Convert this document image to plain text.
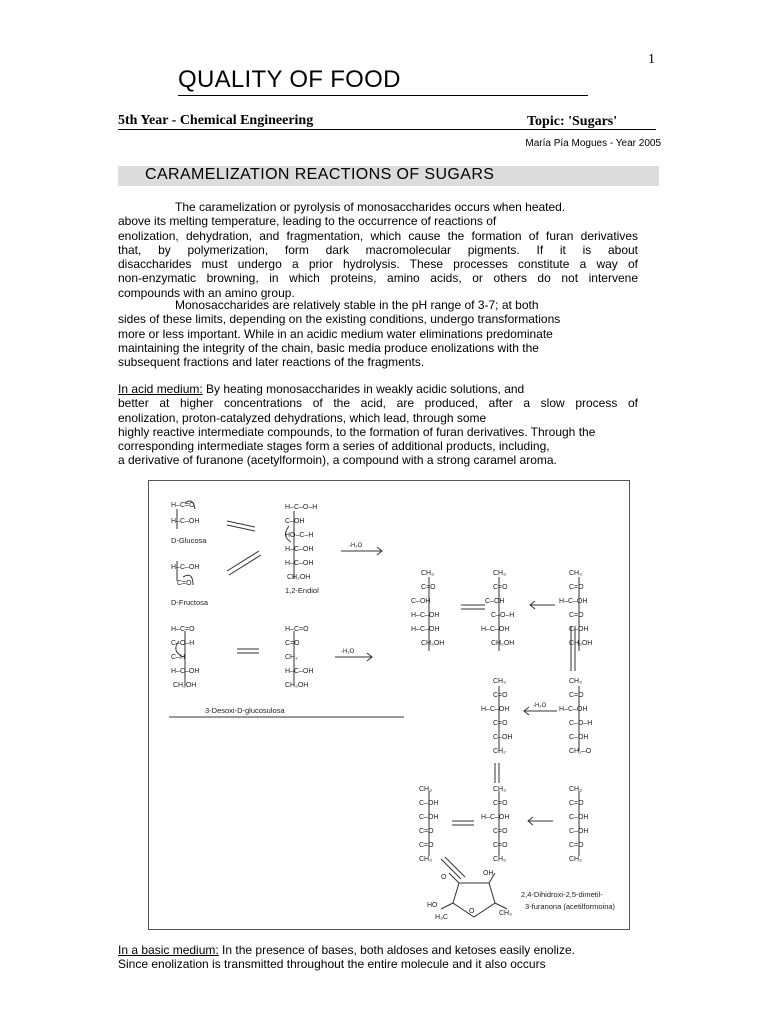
1
QUALITY OF FOOD
5th Year - Chemical Engineering	Topic: 'Sugars'
María Pía Mogues - Year 2005
CARAMELIZATION REACTIONS OF SUGARS
The caramelization or pyrolysis of monosaccharides occurs when heated.
above its melting temperature, leading to the occurrence of reactions of
enolization, dehydration, and fragmentation, which cause the formation of furan derivatives
that, by polymerization, form dark macromolecular pigments. If it is about
disaccharides must undergo a prior hydrolysis. These processes constitute a way of
non-enzymatic browning, in which proteins, amino acids, or others do not intervene
compounds with an amino group.
Monosaccharides are relatively stable in the pH range of 3-7; at both
sides of these limits, depending on the existing conditions, undergo transformations
more or less important. While in an acidic medium water eliminations predominate
maintaining the integrity of the chain, basic media produce enolizations with the
subsequent fractions and later reactions of the fragments.
In acid medium: By heating monosaccharides in weakly acidic solutions, and
better at higher concentrations of the acid, are produced, after a slow process of
enolization, proton-catalyzed dehydrations, which lead, through some
highly reactive intermediate compounds, to the formation of furan derivatives. Through the
corresponding intermediate stages form a series of additional products, including,
a derivative of furanone (acetylformoin), a compound with a strong caramel aroma.
H–C=O
H–C–OH
H–C–OH
C=O
H–C–O–H
C–OH
HO–C–H
H–C–OH
H–C–OH
CH₂OH
H–C=O
C–O–H
C–H
H–C–OH
CH₂OH
H–C=O
C=O
CH₂
H–C–OH
CH₂OH
CH₃
C=O
C–OH
H–C–OH
H–C–OH
CH₂OH
CH₃
C=O
C–OH
C–O–H
H–C–OH
CH₂OH
CH₃
C=O
H–C–OH
C=O
C–OH
CH₂OH
CH₃
C=O
H–C–OH
C=O
C–OH
CH₂
CH₃
C=O
H–C–OH
C–O–H
C–OH
CH₂–O
CH₃
C–OH
C–OH
C=O
C=O
CH₃
CH₃
C=O
H–C–OH
C=O
C=O
CH₃
CH₃
C=O
C–OH
C–OH
C=O
CH₃
O
OH
HO
CH₃
H₃C
O
D-Glucosa
D-Fructosa
1,2-Endiol
3-Desoxi-D-glucosulosa
-H₂O
-H₂O
-H₂O
2,4-Dihidroxi-2,5-dimetil-
3-furanona (acetilformoina)
In a basic medium: In the presence of bases, both aldoses and ketoses easily enolize.
Since enolization is transmitted throughout the entire molecule and it also occurs
